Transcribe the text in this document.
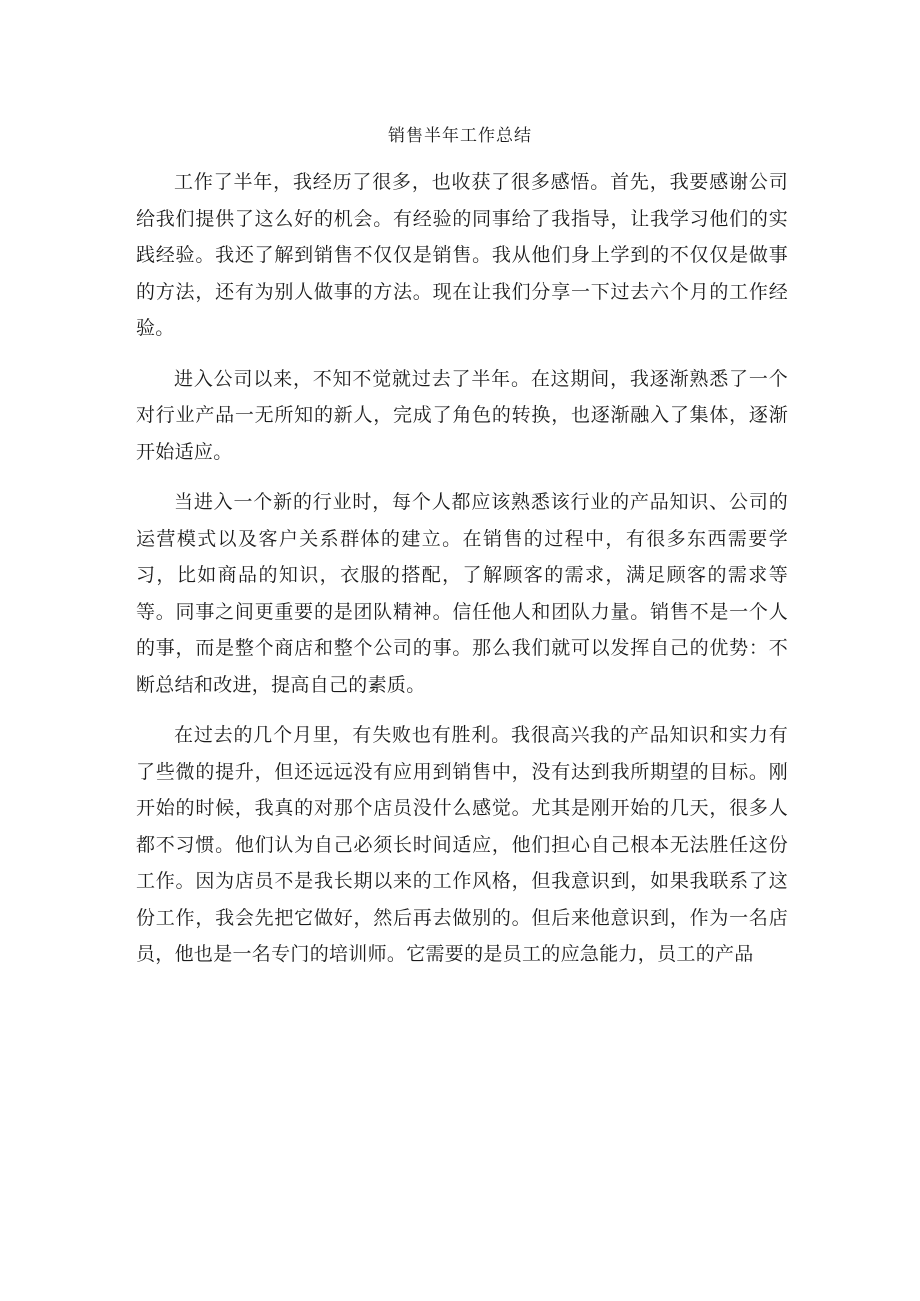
销售半年工作总结

工作了半年，我经历了很多，也收获了很多感悟。首先，我要感谢公司给我们提供了这么好的机会。有经验的同事给了我指导，让我学习他们的实践经验。我还了解到销售不仅仅是销售。我从他们身上学到的不仅仅是做事的方法，还有为别人做事的方法。现在让我们分享一下过去六个月的工作经验。

进入公司以来，不知不觉就过去了半年。在这期间，我逐渐熟悉了一个对行业产品一无所知的新人，完成了角色的转换，也逐渐融入了集体，逐渐开始适应。

当进入一个新的行业时，每个人都应该熟悉该行业的产品知识、公司的运营模式以及客户关系群体的建立。在销售的过程中，有很多东西需要学习，比如商品的知识，衣服的搭配，了解顾客的需求，满足顾客的需求等等。同事之间更重要的是团队精神。信任他人和团队力量。销售不是一个人的事，而是整个商店和整个公司的事。那么我们就可以发挥自己的优势：不断总结和改进，提高自己的素质。

在过去的几个月里，有失败也有胜利。我很高兴我的产品知识和实力有了些微的提升，但还远远没有应用到销售中，没有达到我所期望的目标。刚开始的时候，我真的对那个店员没什么感觉。尤其是刚开始的几天，很多人都不习惯。他们认为自己必须长时间适应，他们担心自己根本无法胜任这份工作。因为店员不是我长期以来的工作风格，但我意识到，如果我联系了这份工作，我会先把它做好，然后再去做别的。但后来他意识到，作为一名店员，他也是一名专门的培训师。它需要的是员工的应急能力，员工的产品
